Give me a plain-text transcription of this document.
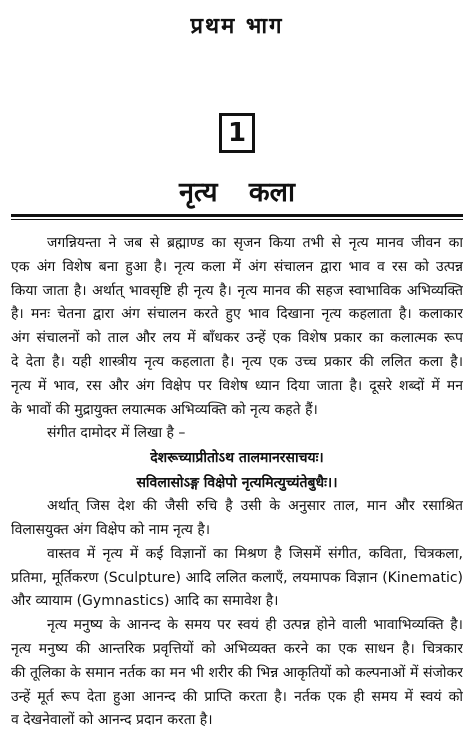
प्रथम भाग
1
नृत्य कला
जगन्नियन्ता ने जब से ब्रह्माण्ड का सृजन किया तभी से नृत्य मानव जीवन का
एक अंग विशेष बना हुआ है। नृत्य कला में अंग संचालन द्वारा भाव व रस को उत्पन्न
किया जाता है। अर्थात् भावसृष्टि ही नृत्य है। नृत्य मानव की सहज स्वाभाविक अभिव्यक्ति
है। मनः चेतना द्वारा अंग संचालन करते हुए भाव दिखाना नृत्य कहलाता है। कलाकार
अंग संचालनों को ताल और लय में बाँधकर उन्हें एक विशेष प्रकार का कलात्मक रूप
दे देता है। यही शास्त्रीय नृत्य कहलाता है। नृत्य एक उच्च प्रकार की ललित कला है।
नृत्य में भाव, रस और अंग विक्षेप पर विशेष ध्यान दिया जाता है। दूसरे शब्दों में मन
के भावों की मुद्रायुक्त लयात्मक अभिव्यक्ति को नृत्य कहते हैं।
संगीत दामोदर में लिखा है –
देशरूच्याप्रीतोऽथ तालमानरसाचयः।
सविलासोऽङ्ग विक्षेपो नृत्यमित्युच्यंतेबुधैः।।
अर्थात् जिस देश की जैसी रुचि है उसी के अनुसार ताल, मान और रसाश्रित
विलासयुक्त अंग विक्षेप को नाम नृत्य है।
वास्तव में नृत्य में कई विज्ञानों का मिश्रण है जिसमें संगीत, कविता, चित्रकला,
प्रतिमा, मूर्तिकरण (Sculpture) आदि ललित कलाएँ, लयमापक विज्ञान (Kinematic)
और व्यायाम (Gymnastics) आदि का समावेश है।
नृत्य मनुष्य के आनन्द के समय पर स्वयं ही उत्पन्न होने वाली भावाभिव्यक्ति है।
नृत्य मनुष्य की आन्तरिक प्रवृत्तियों को अभिव्यक्त करने का एक साधन है। चित्रकार
की तूलिका के समान नर्तक का मन भी शरीर की भिन्न आकृतियों को कल्पनाओं में संजोकर
उन्हें मूर्त रूप देता हुआ आनन्द की प्राप्ति करता है। नर्तक एक ही समय में स्वयं को
व देखनेवालों को आनन्द प्रदान करता है।
